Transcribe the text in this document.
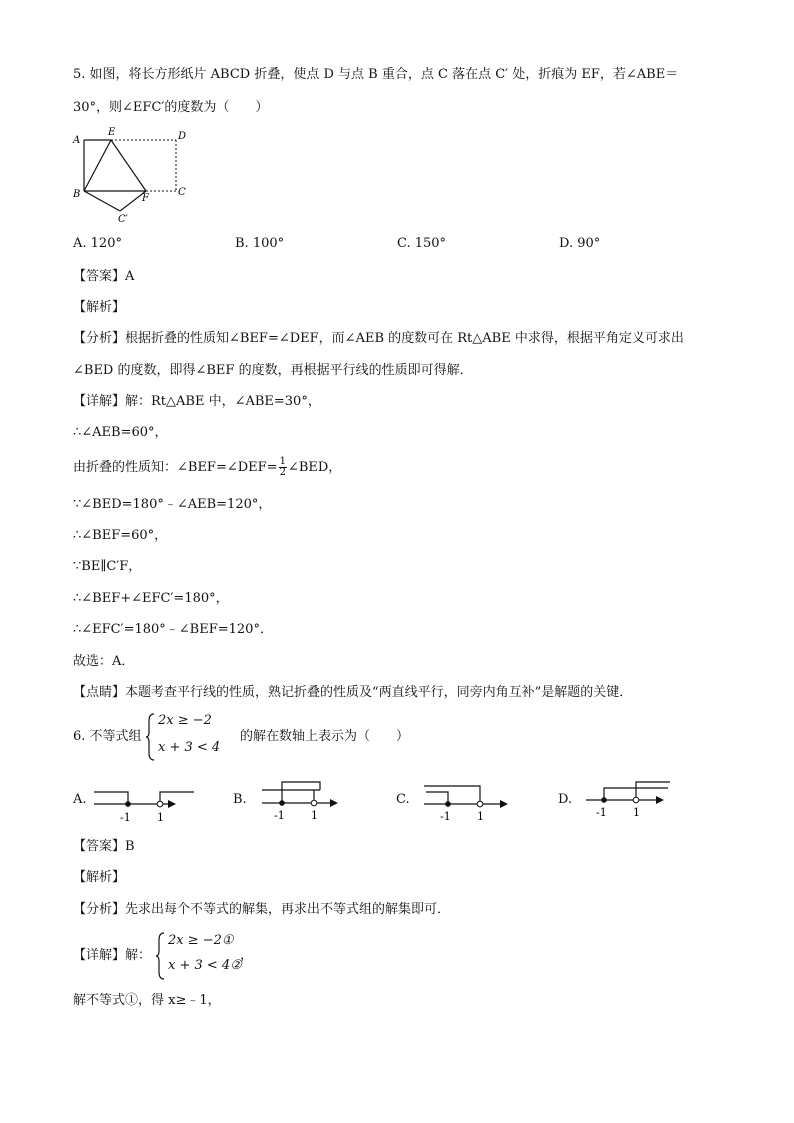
5. 如图，将长方形纸片 ABCD 折叠，使点 D 与点 B 重合，点 C 落在点 C′ 处，折痕为 EF，若∠ABE＝
30°，则∠EFC′的度数为（　　）
A
E	D
B	F
C
C′
A. 120°	B. 100°	C. 150°	D. 90°
【答案】A
【解析】
【分析】根据折叠的性质知∠BEF=∠DEF，而∠AEB 的度数可在 Rt△ABE 中求得，根据平角定义可求出
∠BED 的度数，即得∠BEF 的度数，再根据平行线的性质即可得解．
【详解】解：Rt△ABE 中，∠ABE=30°，
∴∠AEB=60°，
由折叠的性质知：∠BEF=∠DEF= $\frac{1}{2}$ ∠BED，
∵∠BED=180°﹣∠AEB=120°，
∴∠BEF=60°，
∵BE∥C′F，
∴∠BEF+∠EFC′=180°，
∴∠EFC′=180°﹣∠BEF=120°．
故选：A．
【点睛】本题考查平行线的性质，熟记折叠的性质及“两直线平行，同旁内角互补”是解题的关键．
6. 不等式组
2x ≥ −2
x + 3 < 4
的解在数轴上表示为（　　）
A.
-1 1
B.
-1 1
C.
-1 1
D.
-1 1
【答案】B
【解析】
【分析】先求出每个不等式的解集，再求出不等式组的解集即可．
【详解】解：
2x ≥ −2①
x + 3 < 4②
，
解不等式①，得 x≥﹣1，
